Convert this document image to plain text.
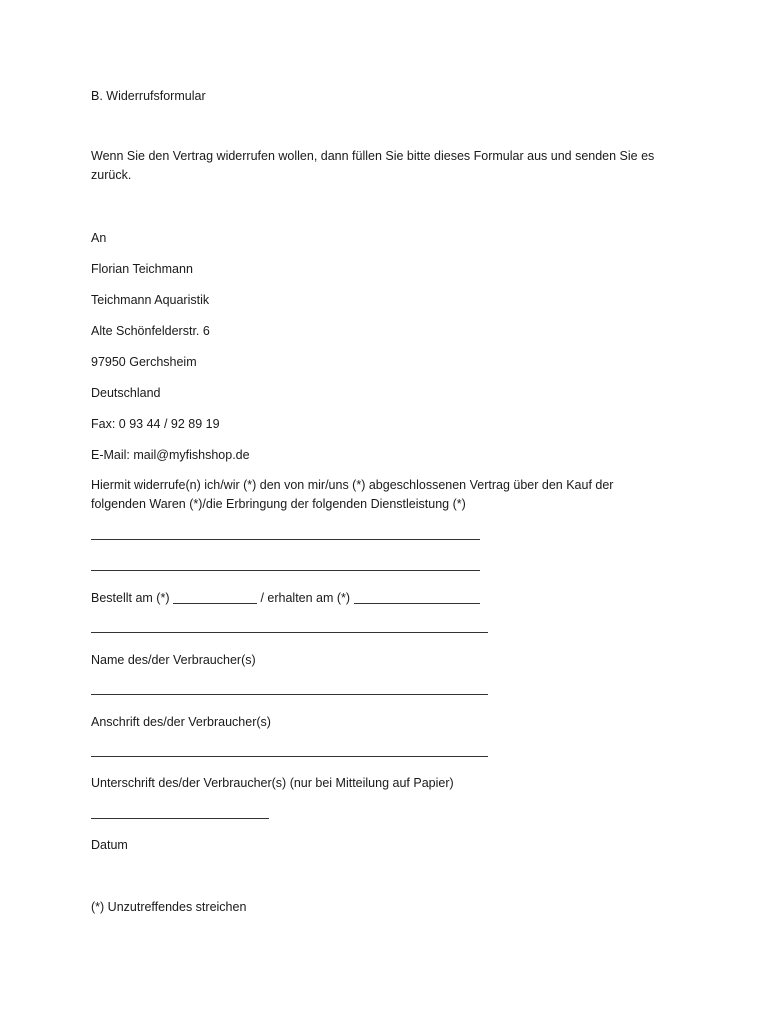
B. Widerrufsformular

Wenn Sie den Vertrag widerrufen wollen, dann füllen Sie bitte dieses Formular aus und senden Sie es zurück.

An

Florian Teichmann

Teichmann Aquaristik

Alte Schönfelderstr. 6

97950 Gerchsheim

Deutschland

Fax: 0 93 44 / 92 89 19

E-Mail: mail@myfishshop.de

Hiermit widerrufe(n) ich/wir (*) den von mir/uns (*) abgeschlossenen Vertrag über den Kauf der folgenden Waren (*)/die Erbringung der folgenden Dienstleistung (*)

Bestellt am (*)	/ erhalten am (*)

Name des/der Verbraucher(s)

Anschrift des/der Verbraucher(s)

Unterschrift des/der Verbraucher(s) (nur bei Mitteilung auf Papier)

Datum

(*) Unzutreffendes streichen
